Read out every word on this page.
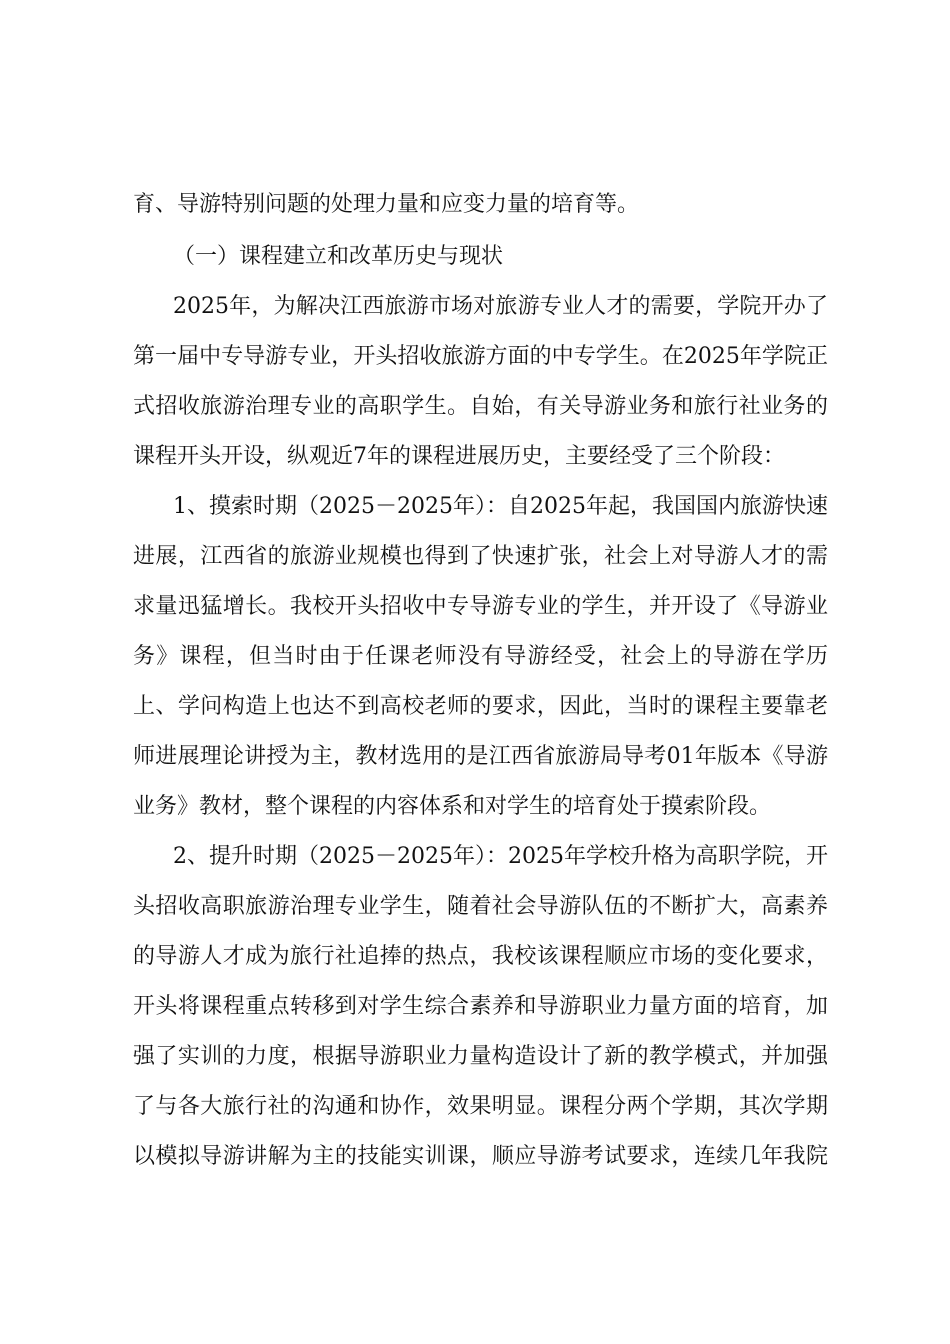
育、导游特别问题的处理力量和应变力量的培育等。
（一）课程建立和改革历史与现状
2025年，为解决江西旅游市场对旅游专业人才的需要，学院开办了
第一届中专导游专业，开头招收旅游方面的中专学生。在2025年学院正
式招收旅游治理专业的高职学生。自始，有关导游业务和旅行社业务的
课程开头开设，纵观近7年的课程进展历史，主要经受了三个阶段：
1、摸索时期（2025－2025年）：自2025年起，我国国内旅游快速
进展，江西省的旅游业规模也得到了快速扩张，社会上对导游人才的需
求量迅猛增长。我校开头招收中专导游专业的学生，并开设了《导游业
务》课程，但当时由于任课老师没有导游经受，社会上的导游在学历
上、学问构造上也达不到高校老师的要求，因此，当时的课程主要靠老
师进展理论讲授为主，教材选用的是江西省旅游局导考01年版本《导游
业务》教材，整个课程的内容体系和对学生的培育处于摸索阶段。
2、提升时期（2025－2025年）：2025年学校升格为高职学院，开
头招收高职旅游治理专业学生，随着社会导游队伍的不断扩大，高素养
的导游人才成为旅行社追捧的热点，我校该课程顺应市场的变化要求，
开头将课程重点转移到对学生综合素养和导游职业力量方面的培育，加
强了实训的力度，根据导游职业力量构造设计了新的教学模式，并加强
了与各大旅行社的沟通和协作，效果明显。课程分两个学期，其次学期
以模拟导游讲解为主的技能实训课，顺应导游考试要求，连续几年我院
